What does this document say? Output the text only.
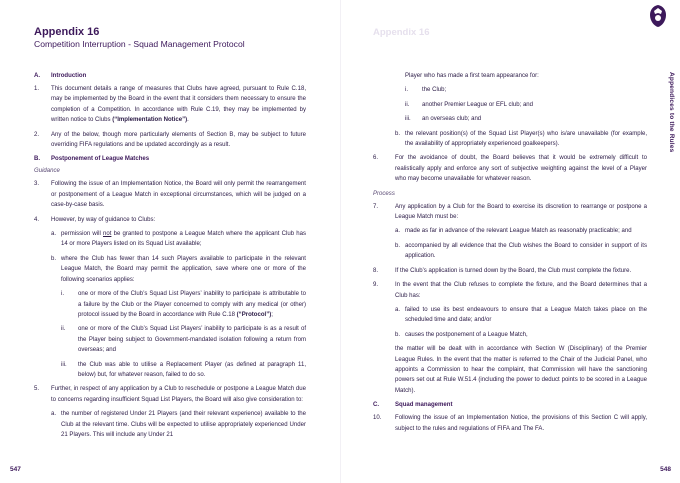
Appendix 16
Competition Interruption - Squad Management Protocol
A. Introduction
1. This document details a range of measures that Clubs have agreed, pursuant to Rule C.18, may be implemented by the Board in the event that it considers them necessary to ensure the completion of a Competition. In accordance with Rule C.19, they may be implemented by written notice to Clubs (“Implementation Notice”).
2. Any of the below, though more particularly elements of Section B, may be subject to future overriding FIFA regulations and be updated accordingly as a result.
B. Postponement of League Matches
Guidance
3. Following the issue of an Implementation Notice, the Board will only permit the rearrangement or postponement of a League Match in exceptional circumstances, which will be judged on a case-by-case basis.
4. However, by way of guidance to Clubs:
a. permission will not be granted to postpone a League Match where the applicant Club has 14 or more Players listed on its Squad List available;
b. where the Club has fewer than 14 such Players available to participate in the relevant League Match, the Board may permit the application, save where one or more of the following scenarios applies:
i. one or more of the Club’s Squad List Players’ inability to participate is attributable to a failure by the Club or the Player concerned to comply with any medical (or other) protocol issued by the Board in accordance with Rule C.18 (“Protocol”);
ii. one or more of the Club’s Squad List Players’ inability to participate is as a result of the Player being subject to Government-mandated isolation following a return from overseas; and
iii. the Club was able to utilise a Replacement Player (as defined at paragraph 11, below) but, for whatever reason, failed to do so.
5. Further, in respect of any application by a Club to reschedule or postpone a League Match due to concerns regarding insufficient Squad List Players, the Board will also give consideration to:
a. the number of registered Under 21 Players (and their relevant experience) available to the Club at the relevant time. Clubs will be expected to utilise appropriately experienced Under 21 Players. This will include any Under 21
547
Appendix 16
Appendices to the Rules
Player who has made a first team appearance for:
i. the Club;
ii. another Premier League or EFL club; and
iii. an overseas club; and
b. the relevant position(s) of the Squad List Player(s) who is/are unavailable (for example, the availability of appropriately experienced goalkeepers).
6.	For the avoidance of doubt, the Board believes that it would be extremely difficult to realistically apply and enforce any sort of subjective weighting against the level of a Player who may become unavailable for whatever reason.
Process
7.	Any application by a Club for the Board to exercise its discretion to rearrange or postpone a League Match must be:
a. made as far in advance of the relevant League Match as reasonably practicable; and
b. accompanied by all evidence that the Club wishes the Board to consider in support of its application.
8.	If the Club’s application is turned down by the Board, the Club must complete the fixture.
9.	In the event that the Club refuses to complete the fixture, and the Board determines that a Club has:
a. failed to use its best endeavours to ensure that a League Match takes place on the scheduled time and date; and/or
b. causes the postponement of a League Match,
the matter will be dealt with in accordance with Section W (Disciplinary) of the Premier League Rules. In the event that the matter is referred to the Chair of the Judicial Panel, who appoints a Commission to hear the complaint, that Commission will have the sanctioning powers set out at Rule W.51.4 (including the power to deduct points to be scored in a League Match).
C.	Squad management
10. Following the issue of an Implementation Notice, the provisions of this Section C will apply, subject to the rules and regulations of FIFA and The FA.
548
